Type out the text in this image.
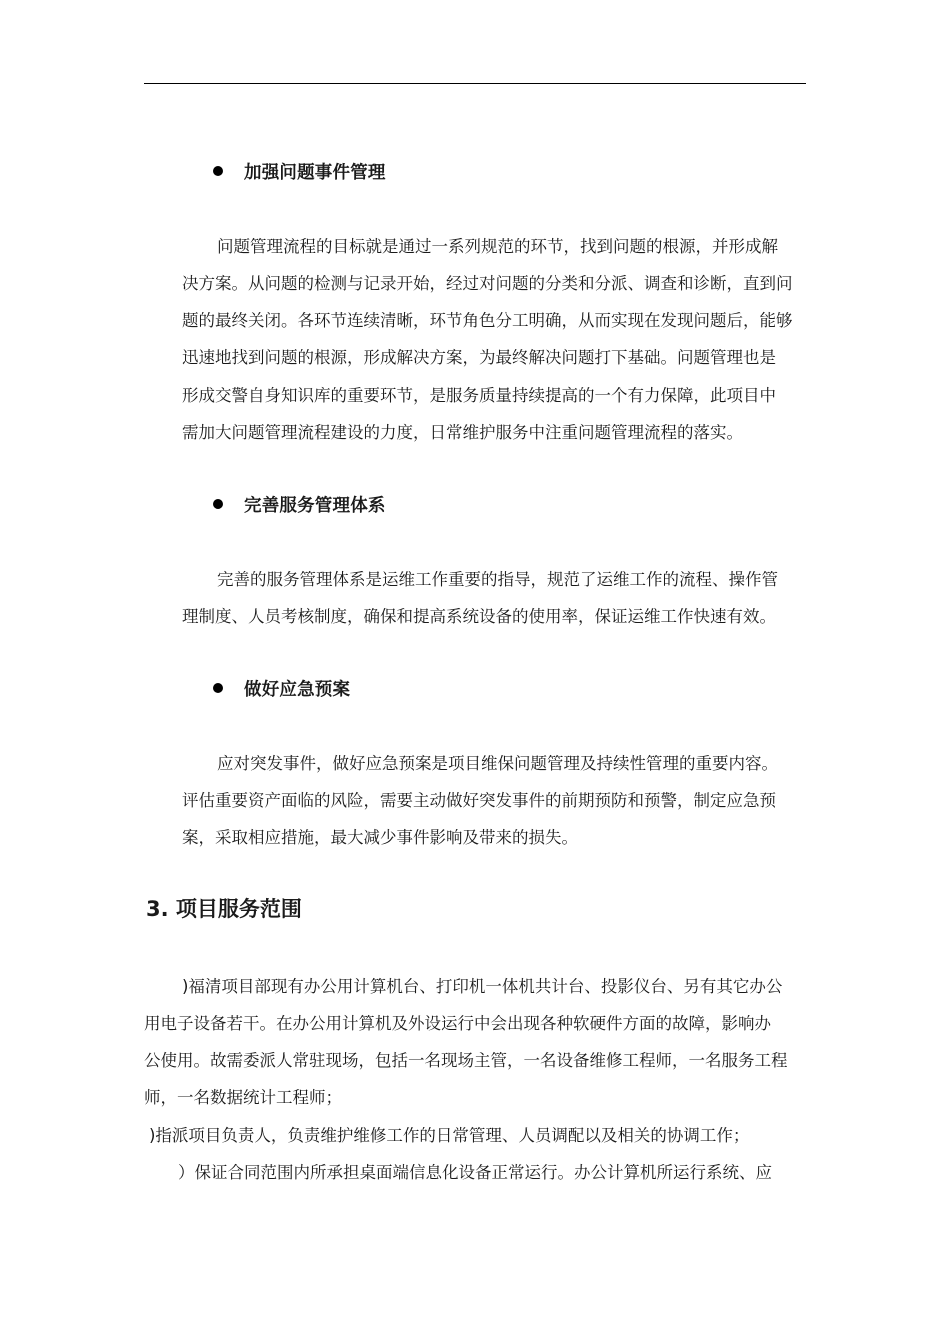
加强问题事件管理
问题管理流程的目标就是通过一系列规范的环节，找到问题的根源，并形成解
决方案。从问题的检测与记录开始，经过对问题的分类和分派、调查和诊断，直到问
题的最终关闭。各环节连续清晰，环节角色分工明确，从而实现在发现问题后，能够
迅速地找到问题的根源，形成解决方案，为最终解决问题打下基础。问题管理也是
形成交警自身知识库的重要环节，是服务质量持续提高的一个有力保障，此项目中
需加大问题管理流程建设的力度，日常维护服务中注重问题管理流程的落实。
完善服务管理体系
完善的服务管理体系是运维工作重要的指导，规范了运维工作的流程、操作管
理制度、人员考核制度，确保和提高系统设备的使用率，保证运维工作快速有效。
做好应急预案
应对突发事件，做好应急预案是项目维保问题管理及持续性管理的重要内容。
评估重要资产面临的风险，需要主动做好突发事件的前期预防和预警，制定应急预
案，采取相应措施，最大减少事件影响及带来的损失。
3. 项目服务范围
)福清项目部现有办公用计算机台、打印机一体机共计台、投影仪台、另有其它办公
用电子设备若干。在办公用计算机及外设运行中会出现各种软硬件方面的故障，影响办
公使用。故需委派人常驻现场，包括一名现场主管，一名设备维修工程师，一名服务工程
师，一名数据统计工程师；
)指派项目负责人，负责维护维修工作的日常管理、人员调配以及相关的协调工作；
）保证合同范围内所承担桌面端信息化设备正常运行。办公计算机所运行系统、应
